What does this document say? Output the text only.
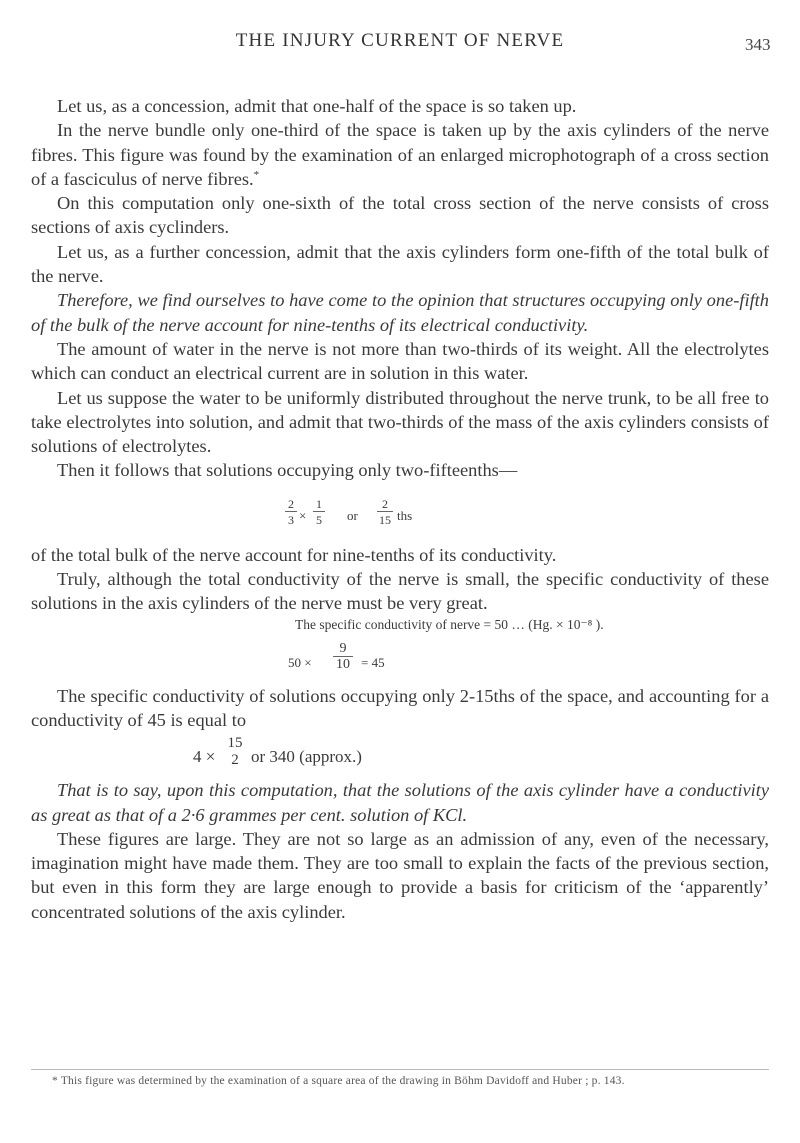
THE INJURY CURRENT OF NERVE	343

Let us, as a concession, admit that one-half of the space is so taken up.

In the nerve bundle only one-third of the space is taken up by the axis cylinders of the nerve fibres. This figure was found by the examination of an enlarged microphotograph of a cross section of a fasciculus of nerve fibres.*

On this computation only one-sixth of the total cross section of the nerve consists of cross sections of axis cyclinders.

Let us, as a further concession, admit that the axis cylinders form one-fifth of the total bulk of the nerve.

Therefore, we find ourselves to have come to the opinion that structures occupying only one-fifth of the bulk of the nerve account for nine-tenths of its electrical conductivity.

The amount of water in the nerve is not more than two-thirds of its weight. All the electrolytes which can conduct an electrical current are in solution in this water.

Let us suppose the water to be uniformly distributed throughout the nerve trunk, to be all free to take electrolytes into solution, and admit that two-thirds of the mass of the axis cylinders consists of solutions of electrolytes.

Then it follows that solutions occupying only two-fifteenths—

$\frac{2}{3} \times \frac{1}{5}$ or $\frac{2}{15}$ ths

of the total bulk of the nerve account for nine-tenths of its conductivity.

Truly, although the total conductivity of the nerve is small, the specific conductivity of these solutions in the axis cylinders of the nerve must be very great.

The specific conductivity of nerve = 50 … (Hg. × 10⁻⁸ ).

$50 \times \frac{9}{10} = 45$

The specific conductivity of solutions occupying only 2-15ths of the space, and accounting for a conductivity of 45 is equal to

4 ×
15
2 or 340 (approx.)

That is to say, upon this computation, that the solutions of the axis cylinder have a conductivity as great as that of a 2·6 grammes per cent. solution of KCl.

These figures are large. They are not so large as an admission of any, even of the necessary, imagination might have made them. They are too small to explain the facts of the previous section, but even in this form they are large enough to provide a basis for criticism of the ‘apparently’ concentrated solutions of the axis cylinder.

* This figure was determined by the examination of a square area of the drawing in Böhm Davidoff and Huber ; p. 143.
